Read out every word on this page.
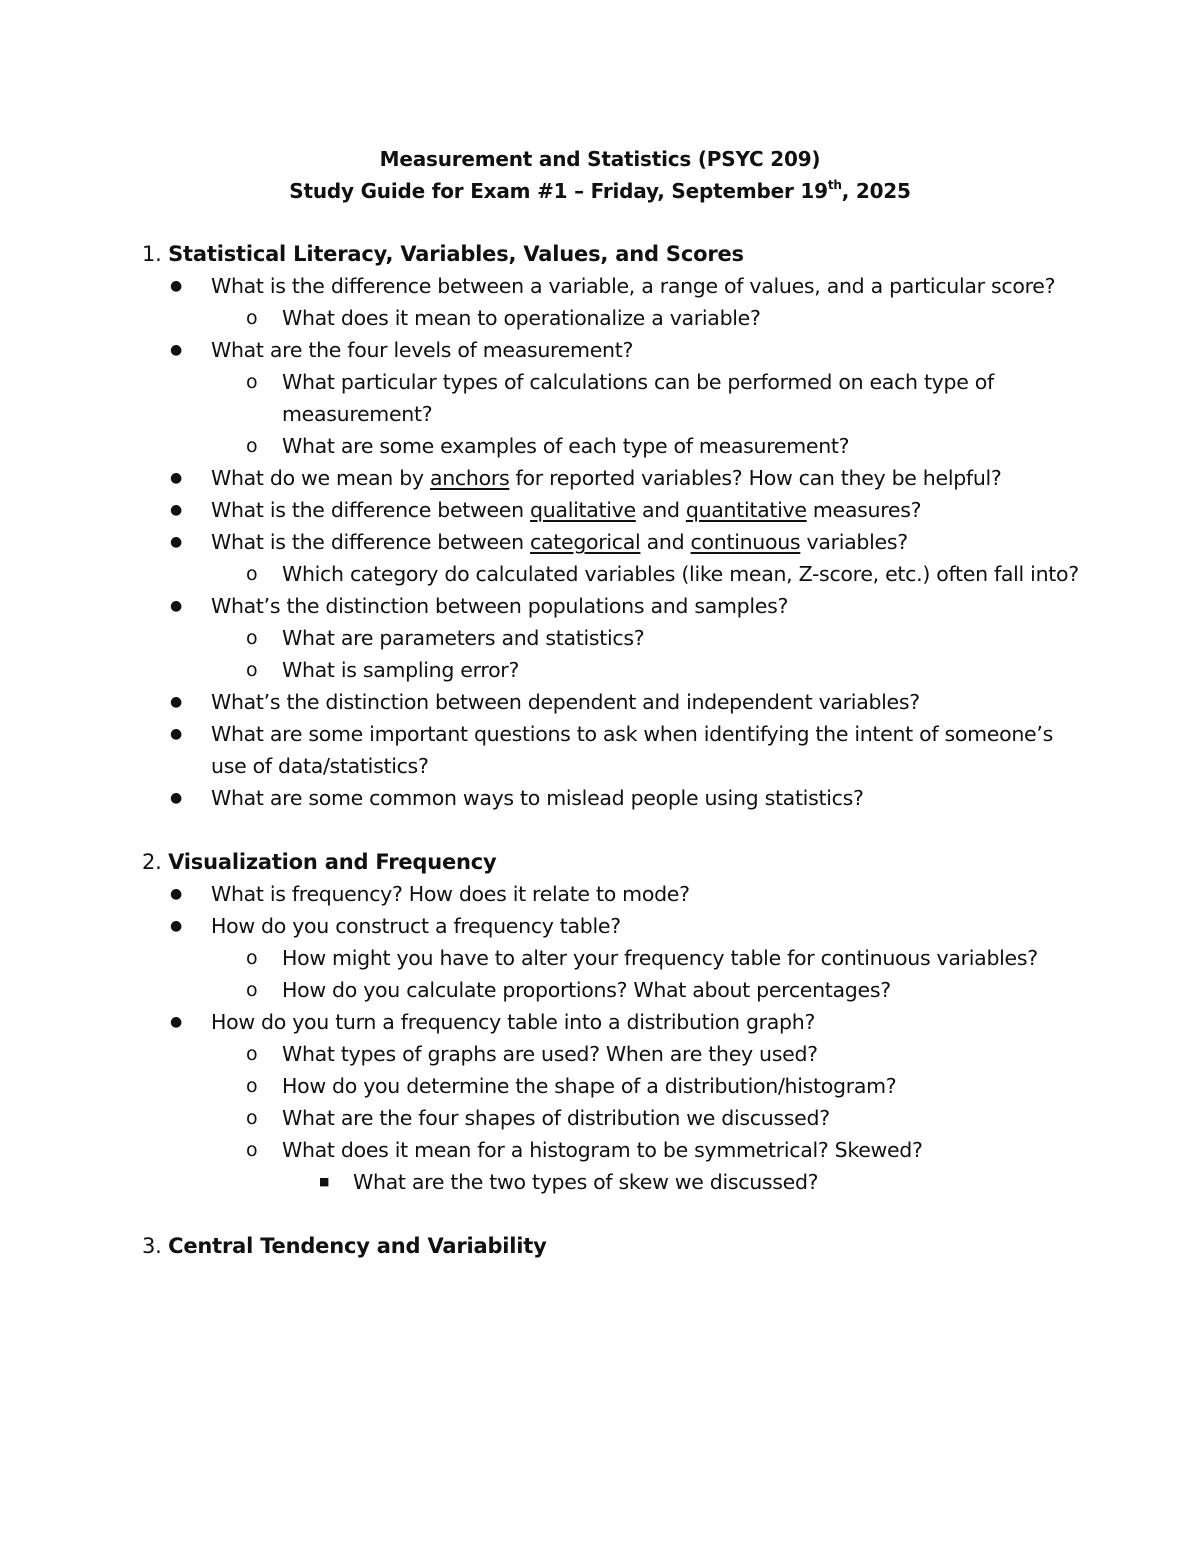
Measurement and Statistics (PSYC 209)
Study Guide for Exam #1 – Friday, September 19th, 2025
1. Statistical Literacy, Variables, Values, and Scores
● What is the difference between a variable, a range of values, and a particular score?
o What does it mean to operationalize a variable?
● What are the four levels of measurement?
o What particular types of calculations can be performed on each type of measurement?
o What are some examples of each type of measurement?
● What do we mean by anchors for reported variables? How can they be helpful?
● What is the difference between qualitative and quantitative measures?
● What is the difference between categorical and continuous variables?
o Which category do calculated variables (like mean, Z-score, etc.) often fall into?
● What’s the distinction between populations and samples?
o What are parameters and statistics?
o What is sampling error?
● What’s the distinction between dependent and independent variables?
● What are some important questions to ask when identifying the intent of someone’s use of data/statistics?
● What are some common ways to mislead people using statistics?
2. Visualization and Frequency
● What is frequency? How does it relate to mode?
● How do you construct a frequency table?
o How might you have to alter your frequency table for continuous variables?
o How do you calculate proportions? What about percentages?
● How do you turn a frequency table into a distribution graph?
o What types of graphs are used? When are they used?
o How do you determine the shape of a distribution/histogram?
o What are the four shapes of distribution we discussed?
o What does it mean for a histogram to be symmetrical? Skewed?
■ What are the two types of skew we discussed?
3. Central Tendency and Variability
